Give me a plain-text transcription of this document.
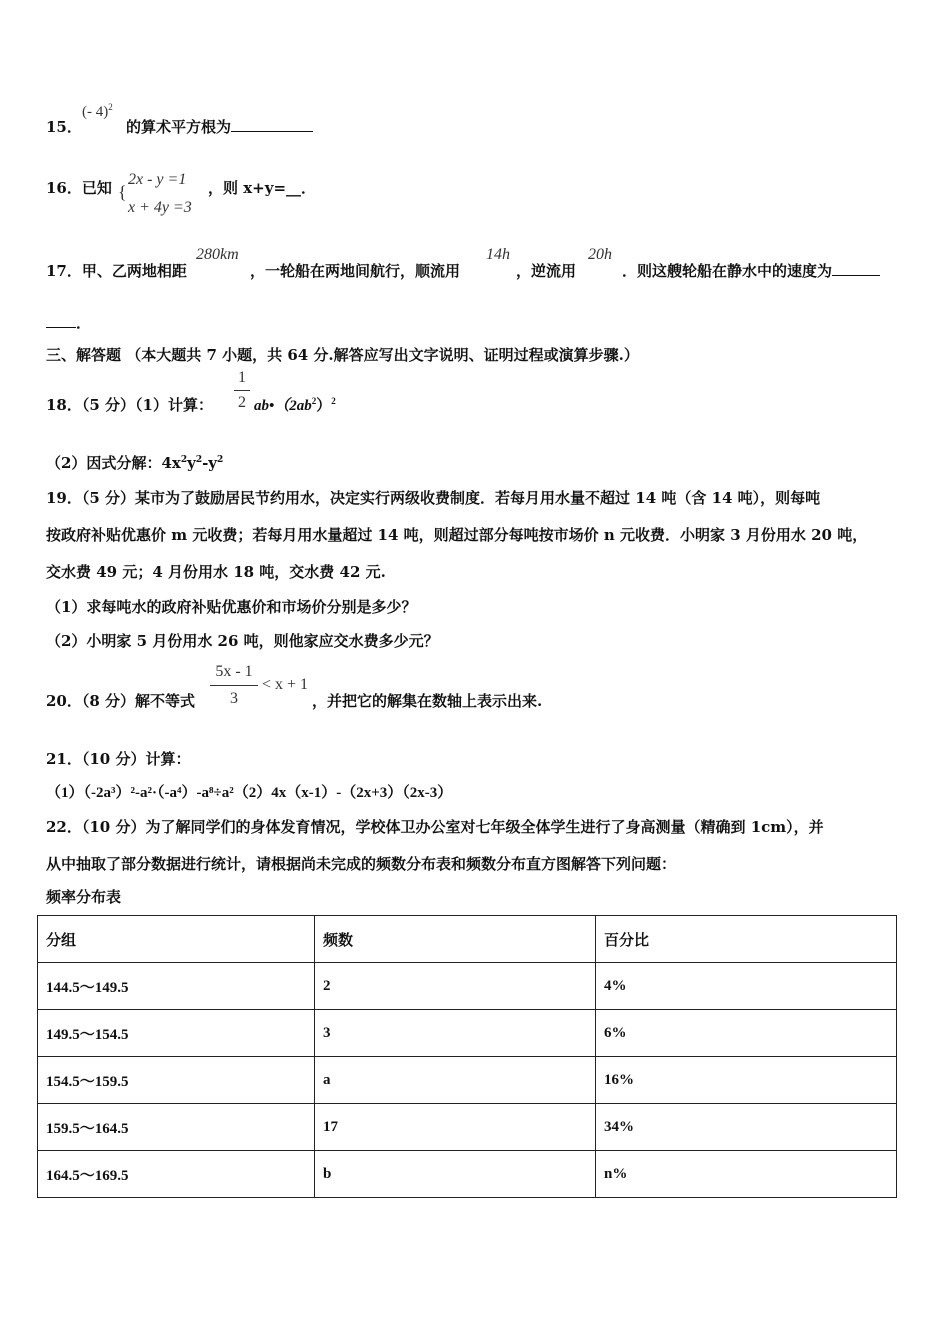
15．
(- 4)$^2$
的算术平方根为
16．已知 {
2x - y =1
x + 4y =3
，则 x+y=__．
17．甲、乙两地相距
280km
，一轮船在两地间航行，顺流用
14h
，逆流用
20h
．则这艘轮船在静水中的速度为
．
三、解答题 （本大题共 7 小题，共 64 分.解答应写出文字说明、证明过程或演算步骤.）
18．（5 分）（1）计算：
1
2 $ab•(2ab^2)^2$
（2）因式分解：$4x^2y^2-y^2$
19．（5 分）某市为了鼓励居民节约用水，决定实行两级收费制度．若每月用水量不超过 14 吨（含 14 吨），则每吨
按政府补贴优惠价 m 元收费；若每月用水量超过 14 吨，则超过部分每吨按市场价 n 元收费．小明家 3 月份用水 20 吨，
交水费 49 元；4 月份用水 18 吨，交水费 42 元.
（1）求每吨水的政府补贴优惠价和市场价分别是多少？
（2）小明家 5 月份用水 26 吨，则他家应交水费多少元？
20．（8 分）解不等式
5x - 1
3
< x + 1
，并把它的解集在数轴上表示出来.
21．（10 分）计算：
（1）（-2a³）²-a²·（-a⁴）-a⁸÷a²（2）4x（x-1）-（2x+3）（2x-3）
22．（10 分）为了解同学们的身体发育情况，学校体卫办公室对七年级全体学生进行了身高测量（精确到 1cm），并
从中抽取了部分数据进行统计，请根据尚未完成的频数分布表和频数分布直方图解答下列问题：
频率分布表
分组	频数	百分比
144.5～149.5	2	4%
149.5～154.5	3	6%
154.5～159.5	a	16%
159.5～164.5	17	34%
164.5～169.5	b	n%
